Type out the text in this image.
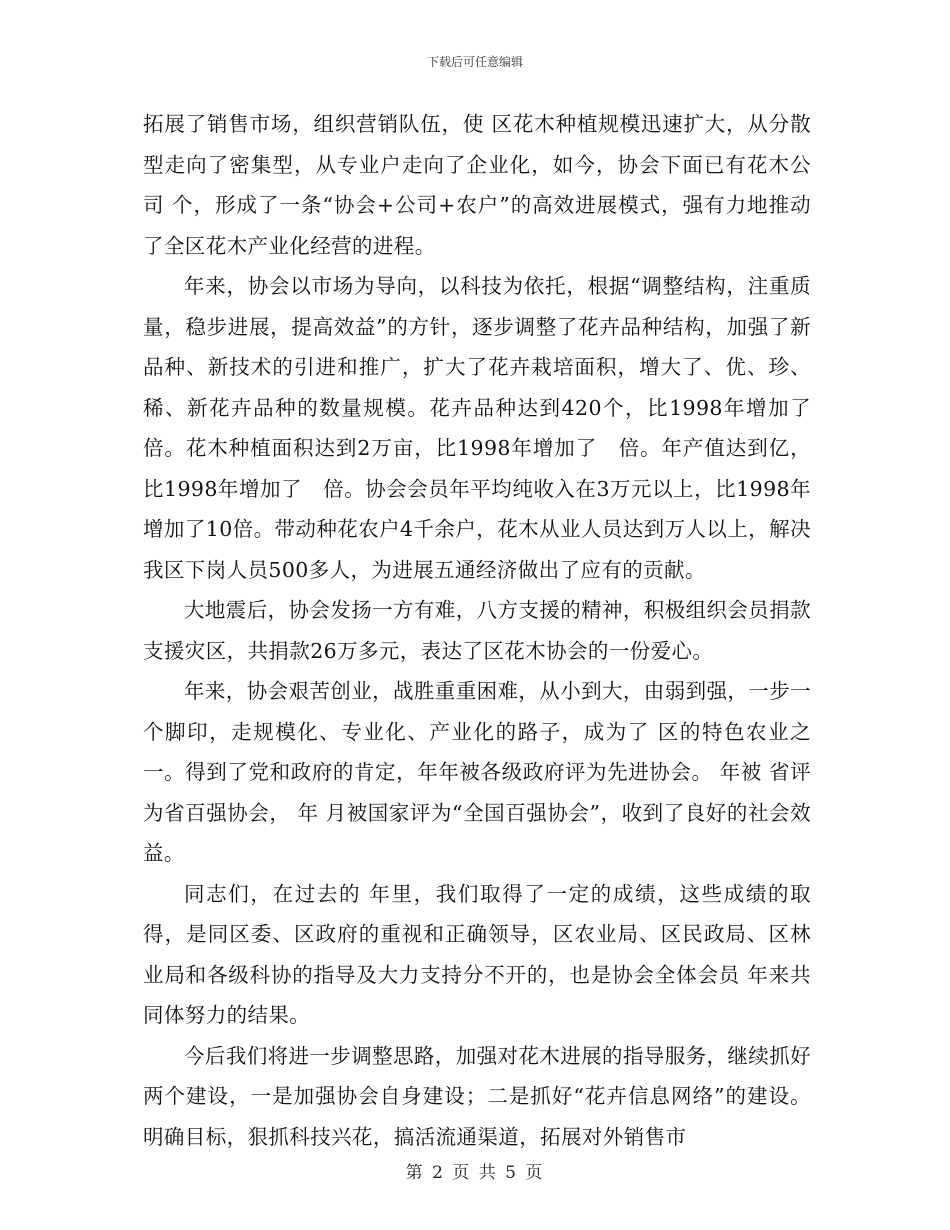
下载后可任意编辑

拓展了销售市场，组织营销队伍，使 区花木种植规模迅速扩大，从分散型走向了密集型，从专业户走向了企业化，如今，协会下面已有花木公司 个，形成了一条“协会+公司+农户”的高效进展模式，强有力地推动了全区花木产业化经营的进程。

年来，协会以市场为导向，以科技为依托，根据“调整结构，注重质量，稳步进展，提高效益”的方针，逐步调整了花卉品种结构，加强了新品种、新技术的引进和推广，扩大了花卉栽培面积，增大了、优、珍、稀、新花卉品种的数量规模。花卉品种达到420个，比1998年增加了　倍。花木种植面积达到2万亩，比1998年增加了　倍。年产值达到亿，比1998年增加了　倍。协会会员年平均纯收入在3万元以上，比1998年增加了10倍。带动种花农户4千余户，花木从业人员达到万人以上，解决我区下岗人员500多人，为进展五通经济做出了应有的贡献。

大地震后，协会发扬一方有难，八方支援的精神，积极组织会员捐款支援灾区，共捐款26万多元，表达了区花木协会的一份爱心。

年来，协会艰苦创业，战胜重重困难，从小到大，由弱到强，一步一个脚印，走规模化、专业化、产业化的路子，成为了 区的特色农业之一。得到了党和政府的肯定，年年被各级政府评为先进协会。 年被 省评为省百强协会， 年 月被国家评为“全国百强协会”，收到了良好的社会效益。

同志们，在过去的 年里，我们取得了一定的成绩，这些成绩的取得，是同区委、区政府的重视和正确领导，区农业局、区民政局、区林业局和各级科协的指导及大力支持分不开的，也是协会全体会员 年来共同体努力的结果。

今后我们将进一步调整思路，加强对花木进展的指导服务，继续抓好两个建设，一是加强协会自身建设；二是抓好“花卉信息网络”的建设。明确目标，狠抓科技兴花，搞活流通渠道，拓展对外销售市

第 2 页 共 5 页
